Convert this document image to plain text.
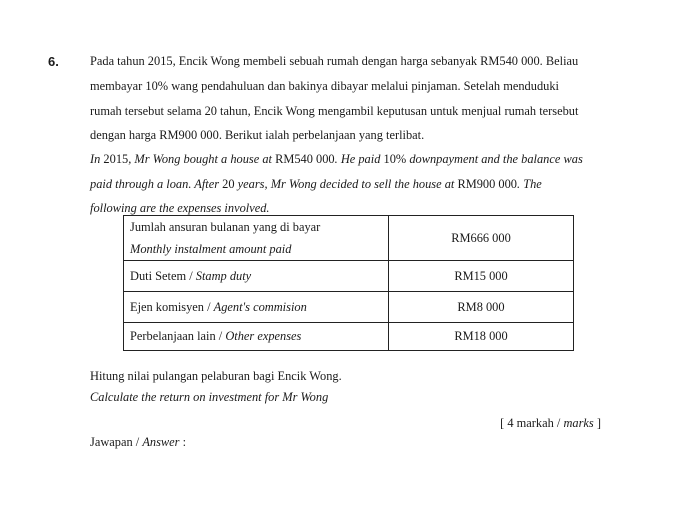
6.	Pada tahun 2015, Encik Wong membeli sebuah rumah dengan harga sebanyak RM540 000. Beliau
membayar 10% wang pendahuluan dan bakinya dibayar melalui pinjaman. Setelah menduduki
rumah tersebut selama 20 tahun, Encik Wong mengambil keputusan untuk menjual rumah tersebut
dengan harga RM900 000. Berikut ialah perbelanjaan yang terlibat.
In 2015, Mr Wong bought a house at RM540 000. He paid 10% downpayment and the balance was
paid through a loan. After 20 years, Mr Wong decided to sell the house at RM900 000. The
following are the expenses involved.
Jumlah ansuran bulanan yang di bayar
Monthly instalment amount paid	RM666 000
Duti Setem / Stamp duty	RM15 000
Ejen komisyen / Agent's commision	RM8 000
Perbelanjaan lain / Other expenses	RM18 000
Hitung nilai pulangan pelaburan bagi Encik Wong.
Calculate the return on investment for Mr Wong
[ 4 markah / marks ]
Jawapan / Answer :
